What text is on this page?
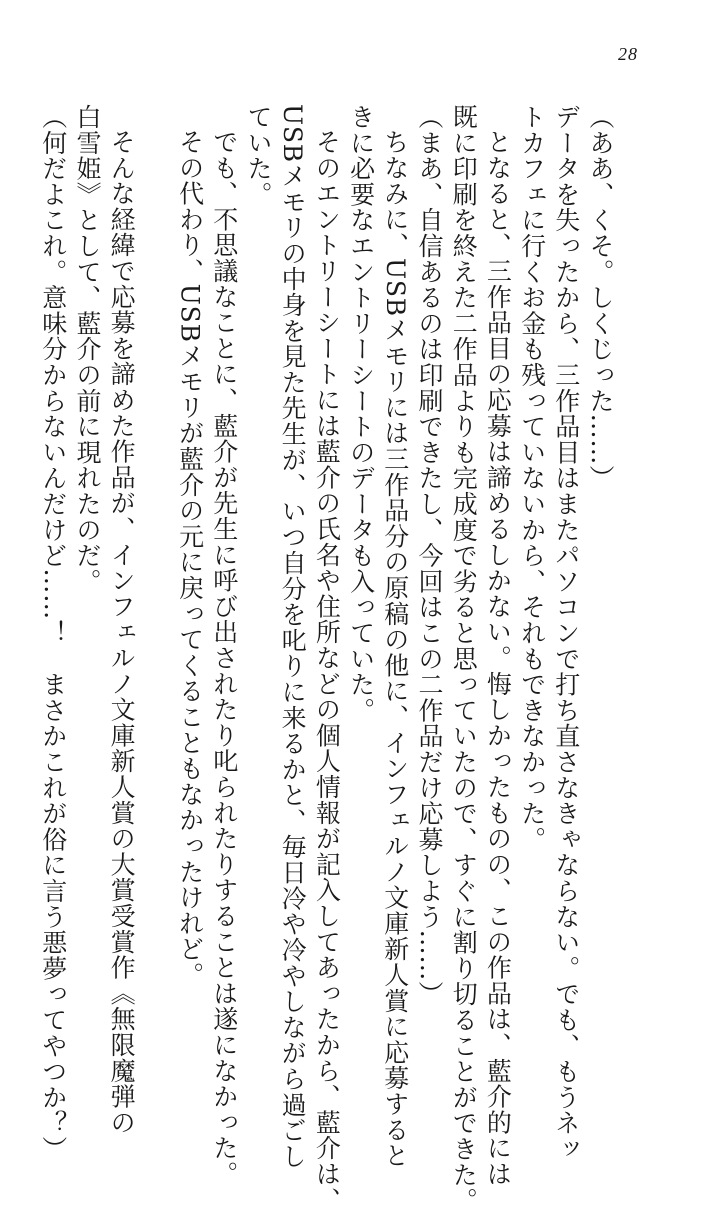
28
（ああ、くそ。しくじった……）
データを失ったから、三作品目はまたパソコンで打ち直さなきゃならない。でも、もうネッ
トカフェに行くお金も残っていないから、それもできなかった。
となると、三作品目の応募は諦めるしかない。悔しかったものの、この作品は、藍介的には
既に印刷を終えた二作品よりも完成度で劣ると思っていたので、すぐに割り切ることができた。
（まあ、自信あるのは印刷できたし、今回はこの二作品だけ応募しよう……）
ちなみに、USBメモリには三作品分の原稿の他に、インフェルノ文庫新人賞に応募すると
きに必要なエントリーシートのデータも入っていた。
そのエントリーシートには藍介の氏名や住所などの個人情報が記入してあったから、藍介は、
USBメモリの中身を見た先生が、いつ自分を叱りに来るかと、毎日冷や冷やしながら過ごし
ていた。
でも、不思議なことに、藍介が先生に呼び出されたり叱られたりすることは遂になかった。
その代わり、USBメモリが藍介の元に戻ってくることもなかったけれど。

そんな経緯で応募を諦めた作品が、インフェルノ文庫新人賞の大賞受賞作《無限魔弾の
白雪姫》として、藍介の前に現れたのだ。
（何だよこれ。意味分からないんだけど……！　まさかこれが俗に言う悪夢ってやつか？）
